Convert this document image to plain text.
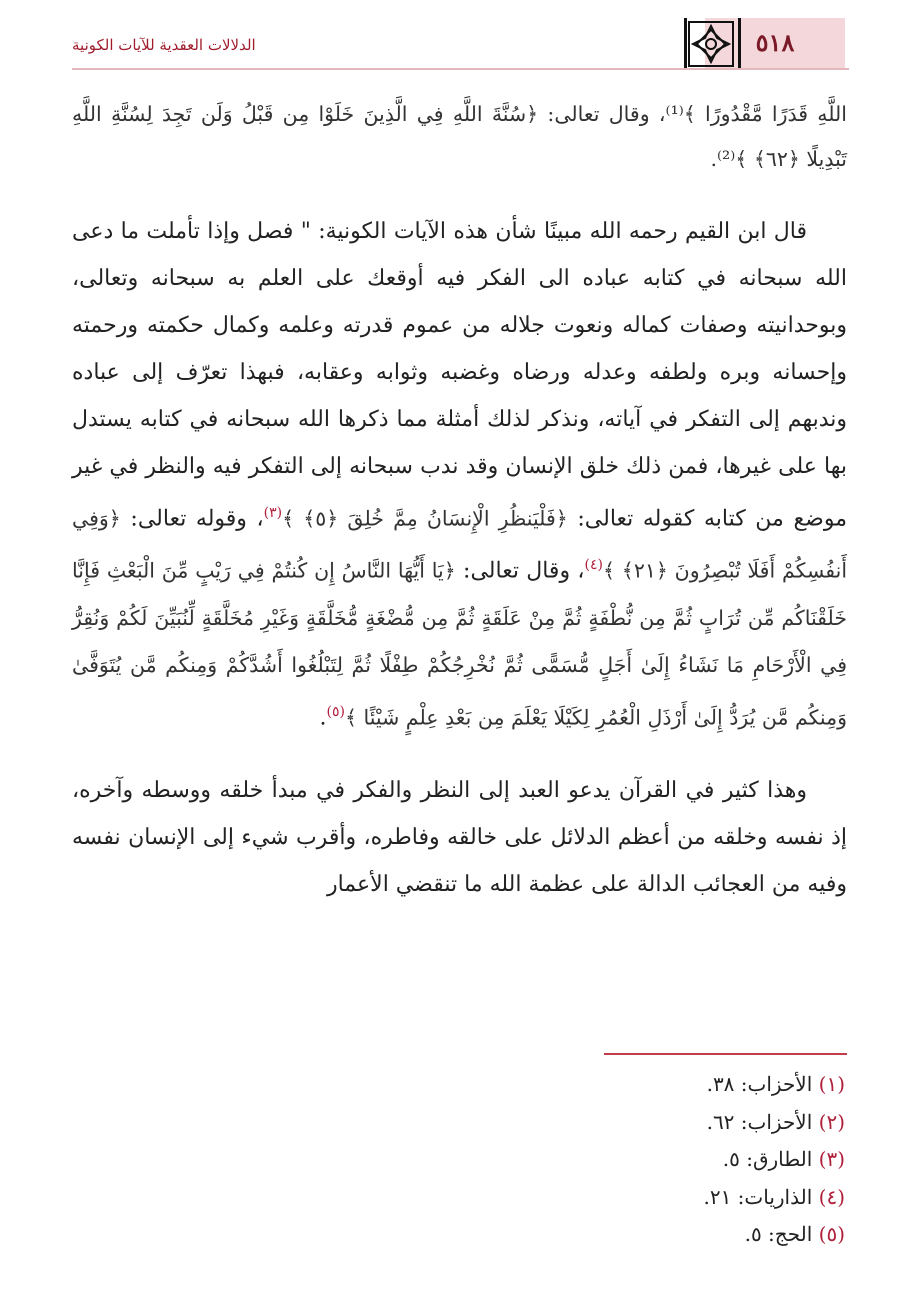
٥١٨
الدلالات العقدية للآيات الكونية

اللَّهِ قَدَرًا مَّقْدُورًا ﴾⁽¹⁾، وقال تعالى: ﴿سُنَّةَ اللَّهِ فِي الَّذِينَ خَلَوْا مِن قَبْلُ وَلَن تَجِدَ لِسُنَّةِ اللَّهِ تَبْدِيلًا ﴿٦٢﴾ ﴾⁽²⁾.

قال ابن القيم رحمه الله مبينًا شأن هذه الآيات الكونية: " فصل وإذا تأملت ما دعى الله سبحانه في كتابه عباده الى الفكر فيه أوقعك على العلم به سبحانه وتعالى، وبوحدانيته وصفات كماله ونعوت جلاله من عموم قدرته وعلمه وكمال حكمته ورحمته وإحسانه وبره ولطفه وعدله ورضاه وغضبه وثوابه وعقابه، فبهذا تعرّف إلى عباده وندبهم إلى التفكر في آياته، ونذكر لذلك أمثلة مما ذكرها الله سبحانه في كتابه يستدل بها على غيرها، فمن ذلك خلق الإنسان وقد ندب سبحانه إلى التفكر فيه والنظر في غير موضع من كتابه كقوله تعالى: ﴿فَلْيَنظُرِ الْإِنسَانُ مِمَّ خُلِقَ ﴿٥﴾ ﴾$^{(٣)}$، وقوله تعالى: ﴿وَفِي أَنفُسِكُمْ أَفَلَا تُبْصِرُونَ ﴿٢١﴾ ﴾$^{(٤)}$، وقال تعالى: ﴿يَا أَيُّهَا النَّاسُ إِن كُنتُمْ فِي رَيْبٍ مِّنَ الْبَعْثِ فَإِنَّا خَلَقْنَاكُم مِّن تُرَابٍ ثُمَّ مِن نُّطْفَةٍ ثُمَّ مِنْ عَلَقَةٍ ثُمَّ مِن مُّضْغَةٍ مُّخَلَّقَةٍ وَغَيْرِ مُخَلَّقَةٍ لِّنُبَيِّنَ لَكُمْ وَنُقِرُّ فِي الْأَرْحَامِ مَا نَشَاءُ إِلَىٰ أَجَلٍ مُّسَمًّى ثُمَّ نُخْرِجُكُمْ طِفْلًا ثُمَّ لِتَبْلُغُوا أَشُدَّكُمْ وَمِنكُم مَّن يُتَوَفَّىٰ وَمِنكُم مَّن يُرَدُّ إِلَىٰ أَرْذَلِ الْعُمُرِ لِكَيْلَا يَعْلَمَ مِن بَعْدِ عِلْمٍ شَيْئًا ﴾$^{(٥)}$.

وهذا كثير في القرآن يدعو العبد إلى النظر والفكر في مبدأ خلقه ووسطه وآخره، إذ نفسه وخلقه من أعظم الدلائل على خالقه وفاطره، وأقرب شيء إلى الإنسان نفسه وفيه من العجائب الدالة على عظمة الله ما تنقضي الأعمار

(١) الأحزاب: ٣٨.

(٢) الأحزاب: ٦٢.

(٣) الطارق: ٥.

(٤) الذاريات: ٢١.

(٥) الحج: ٥.
